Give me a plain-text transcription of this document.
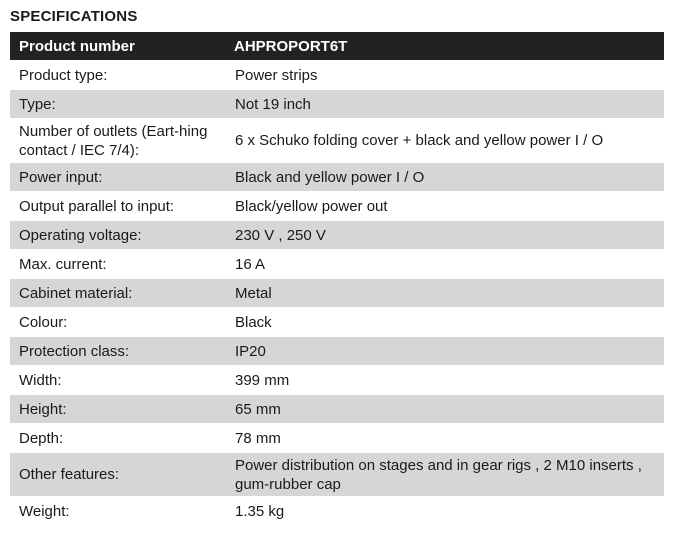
SPECIFICATIONS
Product number	AHPROPORT6T
Product type:	Power strips
Type:	Not 19 inch
Number of outlets (Eart-hing contact / IEC 7/4):	6 x Schuko folding cover + black and yellow power I / O
Power input:	Black and yellow power I / O
Output parallel to input:	Black/yellow power out
Operating voltage:	230 V , 250 V
Max. current:	16 A
Cabinet material:	Metal
Colour:	Black
Protection class:	IP20
Width:	399 mm
Height:	65 mm
Depth:	78 mm
Other features:	Power distribution on stages and in gear rigs , 2 M10 inserts , gum-rubber cap
Weight:	1.35 kg
